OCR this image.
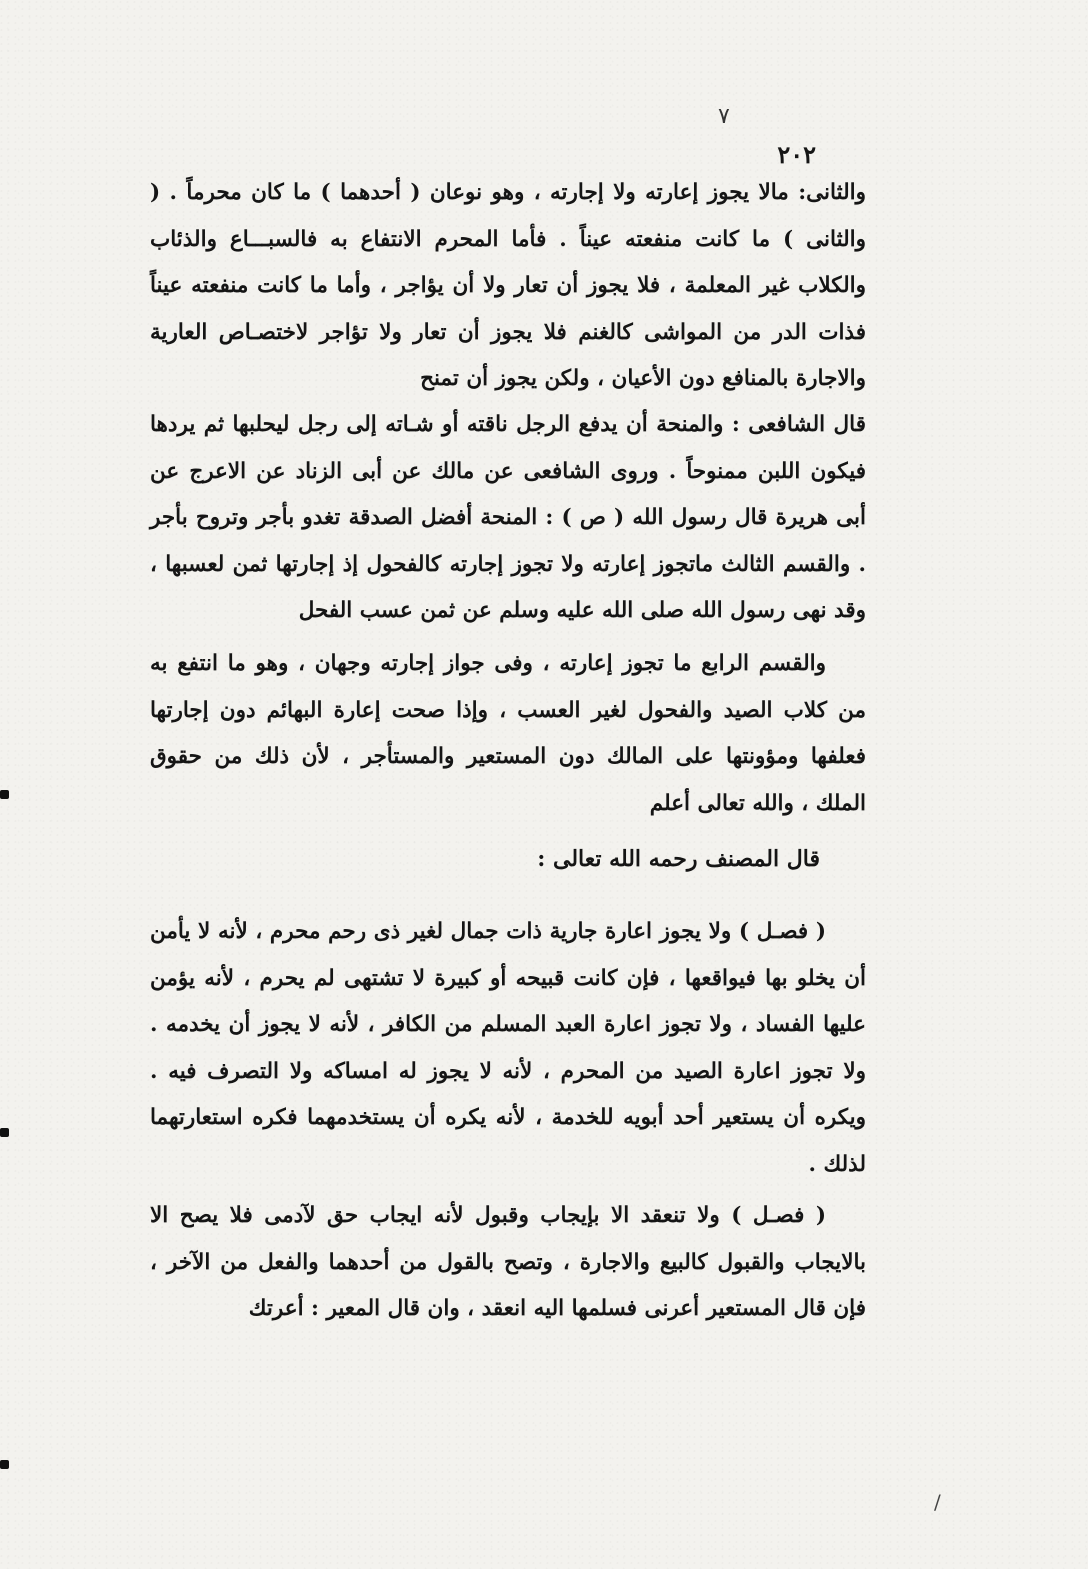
٧
٢٠٢

والثانى: مالا يجوز إعارته ولا إجارته ، وهو نوعان ( أحدهما ) ما كان محرماً . ( والثانى ) ما كانت منفعته عيناً . فأما المحرم الانتفاع به فالسبـــاع والذئاب والكلاب غير المعلمة ، فلا يجوز أن تعار ولا أن يؤاجر ، وأما ما كانت منفعته عيناً فذات الدر من المواشى كالغنم فلا يجوز أن تعار ولا تؤاجر لاختصـاص العارية والاجارة بالمنافع دون الأعيان ، ولكن يجوز أن تمنح

قال الشافعى : والمنحة أن يدفع الرجل ناقته أو شـاته إلى رجل ليحلبها ثم يردها فيكون اللبن ممنوحاً . وروى الشافعى عن مالك عن أبى الزناد عن الاعرج عن أبى هريرة قال رسول الله ( ص ) : المنحة أفضل الصدقة تغدو بأجر وتروح بأجر . والقسم الثالث ماتجوز إعارته ولا تجوز إجارته كالفحول إذ إجارتها ثمن لعسبها ، وقد نهى رسول الله صلى الله عليه وسلم عن ثمن عسب الفحل

والقسم الرابع ما تجوز إعارته ، وفى جواز إجارته وجهان ، وهو ما انتفع به من كلاب الصيد والفحول لغير العسب ، وإذا صحت إعارة البهائم دون إجارتها فعلفها ومؤونتها على المالك دون المستعير والمستأجر ، لأن ذلك من حقوق الملك ، والله تعالى أعلم

قال المصنف رحمه الله تعالى :

( فصـل ) ولا يجوز اعارة جارية ذات جمال لغير ذى رحم محرم ، لأنه لا يأمن أن يخلو بها فيواقعها ، فإن كانت قبيحه أو كبيرة لا تشتهى لم يحرم ، لأنه يؤمن عليها الفساد ، ولا تجوز اعارة العبد المسلم من الكافر ، لأنه لا يجوز أن يخدمه . ولا تجوز اعارة الصيد من المحرم ، لأنه لا يجوز له امساكه ولا التصرف فيه . ويكره أن يستعير أحد أبويه للخدمة ، لأنه يكره أن يستخدمهما فكره استعارتهما لذلك .

( فصـل ) ولا تنعقد الا بإيجاب وقبول لأنه ايجاب حق لآدمى فلا يصح الا بالايجاب والقبول كالبيع والاجارة ، وتصح بالقول من أحدهما والفعل من الآخر ، فإن قال المستعير أعرنى فسلمها اليه انعقد ، وان قال المعير : أعرتك

/
